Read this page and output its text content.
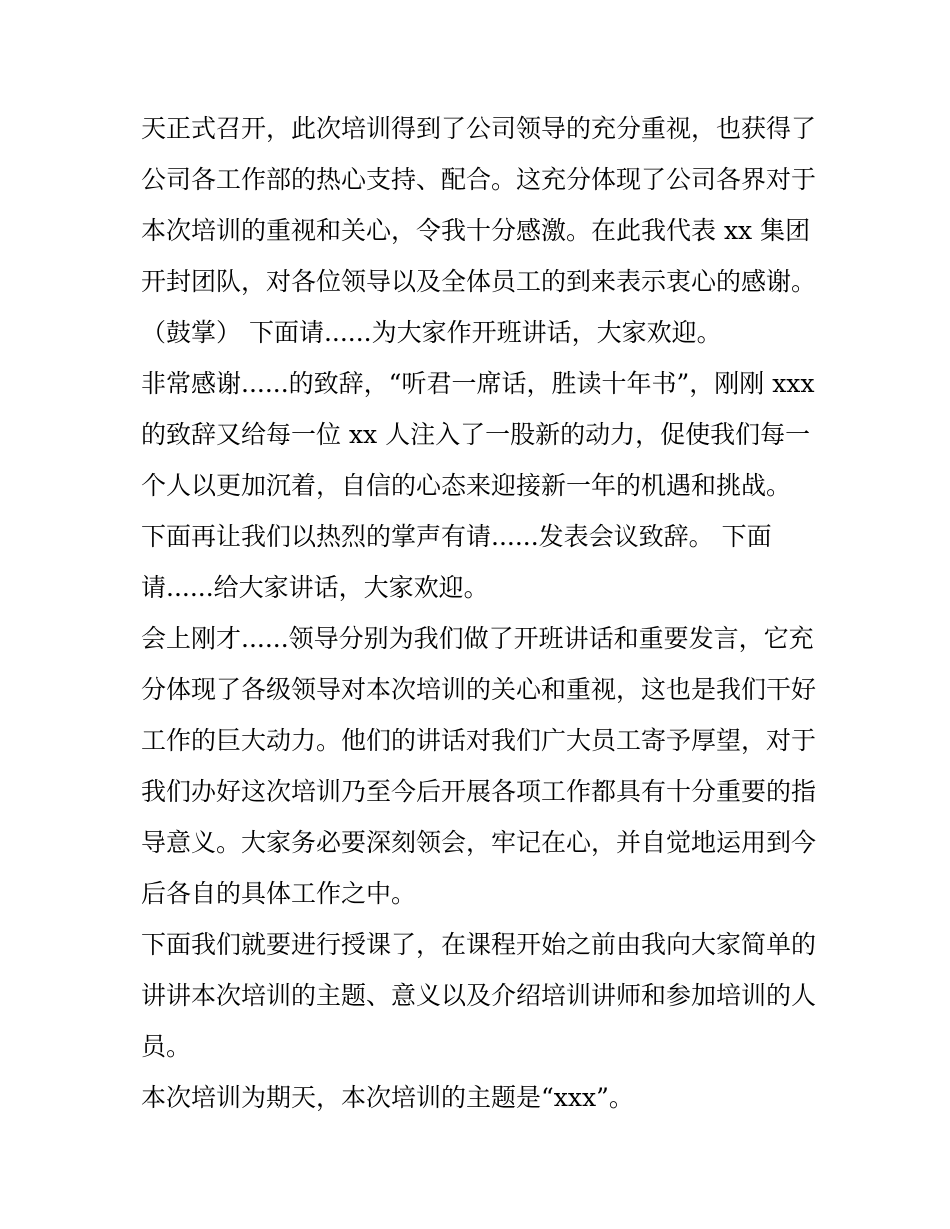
天正式召开，此次培训得到了公司领导的充分重视，也获得了
公司各工作部的热心支持、配合。这充分体现了公司各界对于
本次培训的重视和关心，令我十分感激。在此我代表 xx 集团
开封团队，对各位领导以及全体员工的到来表示衷心的感谢。
（鼓掌） 下面请......为大家作开班讲话，大家欢迎。
非常感谢......的致辞，“听君一席话，胜读十年书”，刚刚 xxx
的致辞又给每一位 xx 人注入了一股新的动力，促使我们每一
个人以更加沉着，自信的心态来迎接新一年的机遇和挑战。
下面再让我们以热烈的掌声有请......发表会议致辞。 下面
请......给大家讲话，大家欢迎。
会上刚才......领导分别为我们做了开班讲话和重要发言，它充
分体现了各级领导对本次培训的关心和重视，这也是我们干好
工作的巨大动力。他们的讲话对我们广大员工寄予厚望，对于
我们办好这次培训乃至今后开展各项工作都具有十分重要的指
导意义。大家务必要深刻领会，牢记在心，并自觉地运用到今
后各自的具体工作之中。
下面我们就要进行授课了，在课程开始之前由我向大家简单的
讲讲本次培训的主题、意义以及介绍培训讲师和参加培训的人
员。
本次培训为期天，本次培训的主题是“xxx”。
